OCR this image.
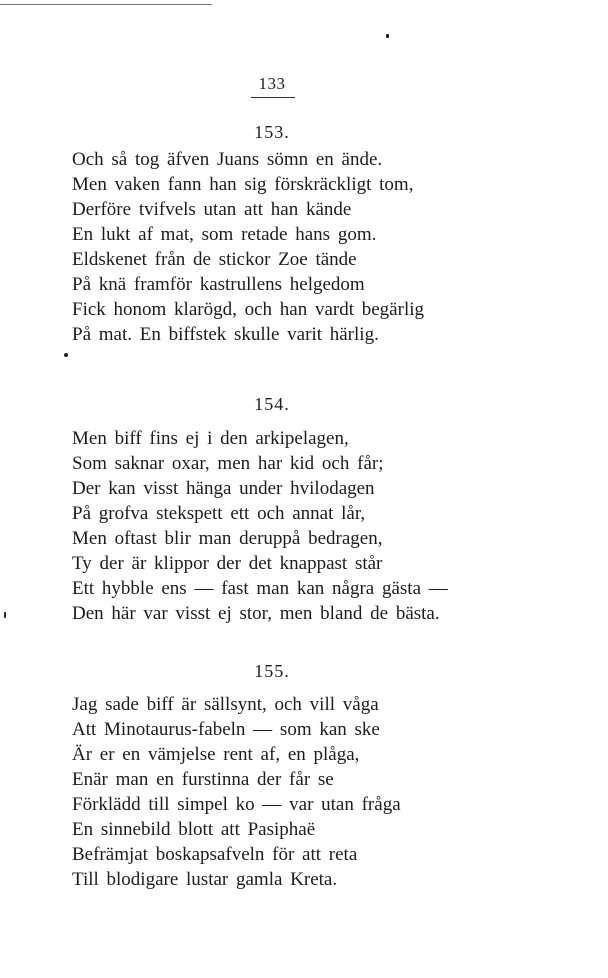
133
153.
Och så tog äfven Juans sömn en ände.
Men vaken fann han sig förskräckligt tom,
Derföre tvifvels utan att han kände
En lukt af mat, som retade hans gom.
Eldskenet från de stickor Zoe tände
På knä framför kastrullens helgedom
Fick honom klarögd, och han vardt begärlig
På mat. En biffstek skulle varit härlig.
154.
Men biff fins ej i den arkipelagen,
Som saknar oxar, men har kid och får;
Der kan visst hänga under hvilodagen
På grofva stekspett ett och annat lår,
Men oftast blir man deruppå bedragen,
Ty der är klippor der det knappast står
Ett hybble ens — fast man kan några gästa —
Den här var visst ej stor, men bland de bästa.
155.
Jag sade biff är sällsynt, och vill våga
Att Minotaurus-fabeln — som kan ske
Är er en vämjelse rent af, en plåga,
Enär man en furstinna der får se
Förklädd till simpel ko — var utan fråga
En sinnebild blott att Pasiphaë
Befrämjat boskapsafveln för att reta
Till blodigare lustar gamla Kreta.
